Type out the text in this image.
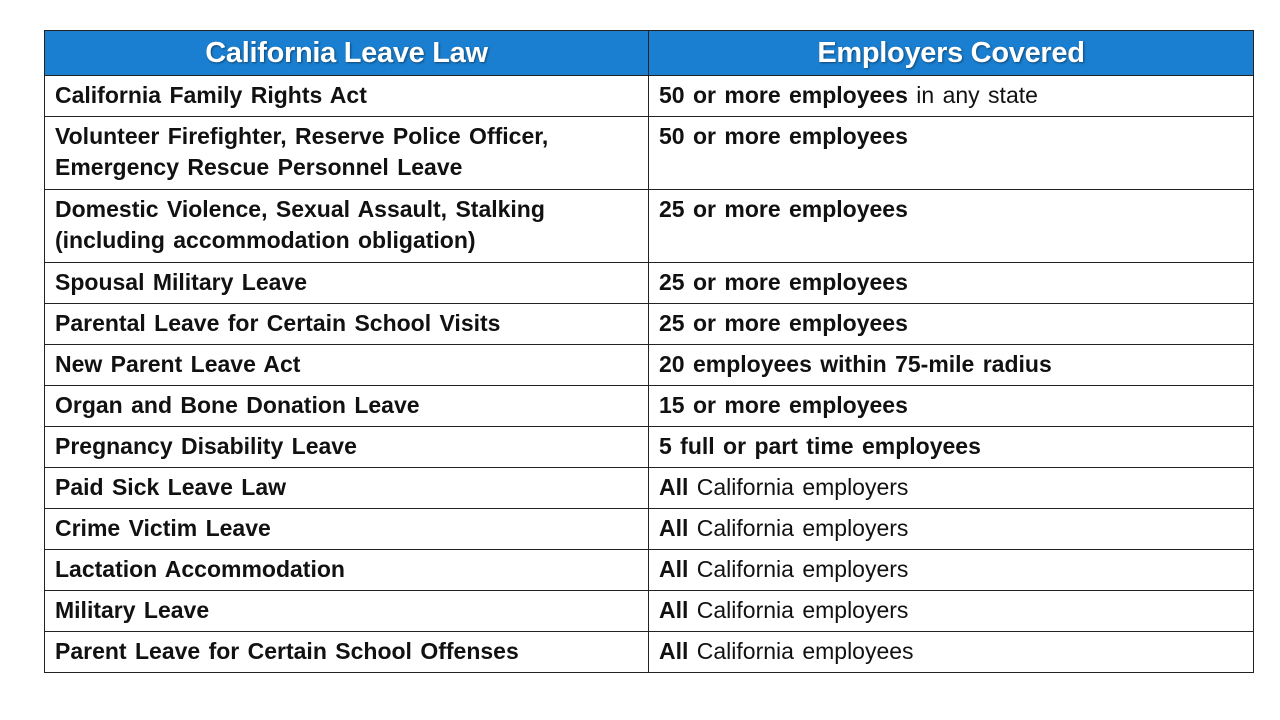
California Leave Law	Employers Covered
California Family Rights Act	50 or more employees in any state
Volunteer Firefighter, Reserve Police Officer, Emergency Rescue Personnel Leave	50 or more employees
Domestic Violence, Sexual Assault, Stalking (including accommodation obligation)	25 or more employees
Spousal Military Leave	25 or more employees
Parental Leave for Certain School Visits	25 or more employees
New Parent Leave Act	20 employees within 75-mile radius
Organ and Bone Donation Leave	15 or more employees
Pregnancy Disability Leave	5 full or part time employees
Paid Sick Leave Law	All California employers
Crime Victim Leave	All California employers
Lactation Accommodation	All California employers
Military Leave	All California employers
Parent Leave for Certain School Offenses	All California employees
